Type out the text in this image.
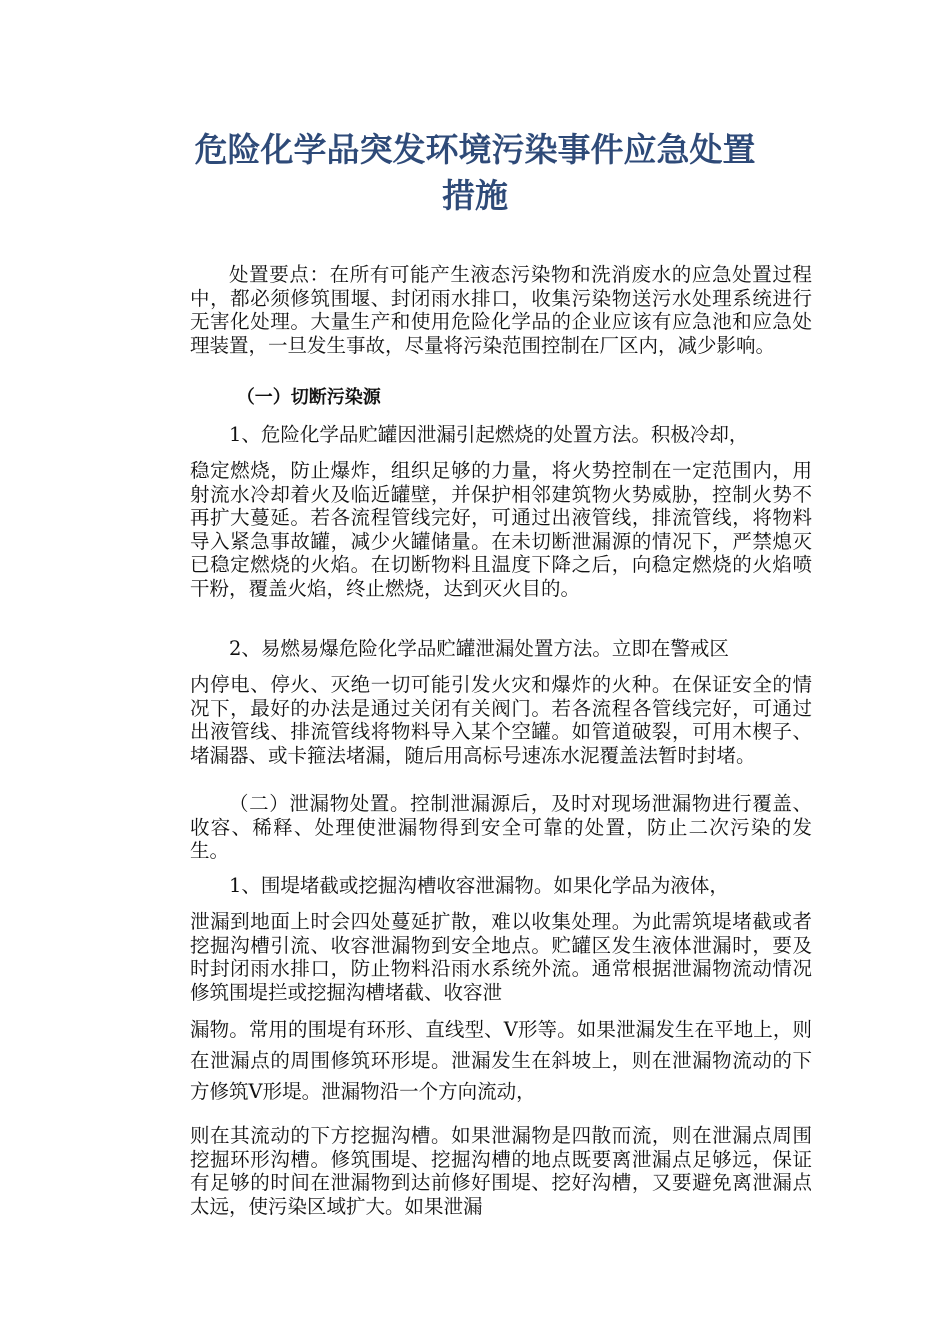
危险化学品突发环境污染事件应急处置
措施

处置要点：在所有可能产生液态污染物和洗消废水的应急处置过程中，都必须修筑围堰、封闭雨水排口，收集污染物送污水处理系统进行无害化处理。大量生产和使用危险化学品的企业应该有应急池和应急处理装置，一旦发生事故，尽量将污染范围控制在厂区内，减少影响。

（一）切断污染源

1、危险化学品贮罐因泄漏引起燃烧的处置方法。积极冷却，

稳定燃烧，防止爆炸，组织足够的力量，将火势控制在一定范围内，用射流水冷却着火及临近罐壁，并保护相邻建筑物火势威胁，控制火势不再扩大蔓延。若各流程管线完好，可通过出液管线，排流管线，将物料导入紧急事故罐，减少火罐储量。在未切断泄漏源的情况下，严禁熄灭已稳定燃烧的火焰。在切断物料且温度下降之后，向稳定燃烧的火焰喷干粉，覆盖火焰，终止燃烧，达到灭火目的。

2、易燃易爆危险化学品贮罐泄漏处置方法。立即在警戒区

内停电、停火、灭绝一切可能引发火灾和爆炸的火种。在保证安全的情况下，最好的办法是通过关闭有关阀门。若各流程各管线完好，可通过出液管线、排流管线将物料导入某个空罐。如管道破裂，可用木楔子、堵漏器、或卡箍法堵漏，随后用高标号速冻水泥覆盖法暂时封堵。

（二）泄漏物处置。控制泄漏源后，及时对现场泄漏物进行覆盖、收容、稀释、处理使泄漏物得到安全可靠的处置，防止二次污染的发生。

1、围堤堵截或挖掘沟槽收容泄漏物。如果化学品为液体，

泄漏到地面上时会四处蔓延扩散，难以收集处理。为此需筑堤堵截或者挖掘沟槽引流、收容泄漏物到安全地点。贮罐区发生液体泄漏时，要及时封闭雨水排口，防止物料沿雨水系统外流。通常根据泄漏物流动情况修筑围堤拦或挖掘沟槽堵截、收容泄

漏物。常用的围堤有环形、直线型、V形等。如果泄漏发生在平地上，则在泄漏点的周围修筑环形堤。泄漏发生在斜坡上，则在泄漏物流动的下方修筑V形堤。泄漏物沿一个方向流动，

则在其流动的下方挖掘沟槽。如果泄漏物是四散而流，则在泄漏点周围挖掘环形沟槽。修筑围堤、挖掘沟槽的地点既要离泄漏点足够远，保证有足够的时间在泄漏物到达前修好围堤、挖好沟槽，又要避免离泄漏点太远，使污染区域扩大。如果泄漏
